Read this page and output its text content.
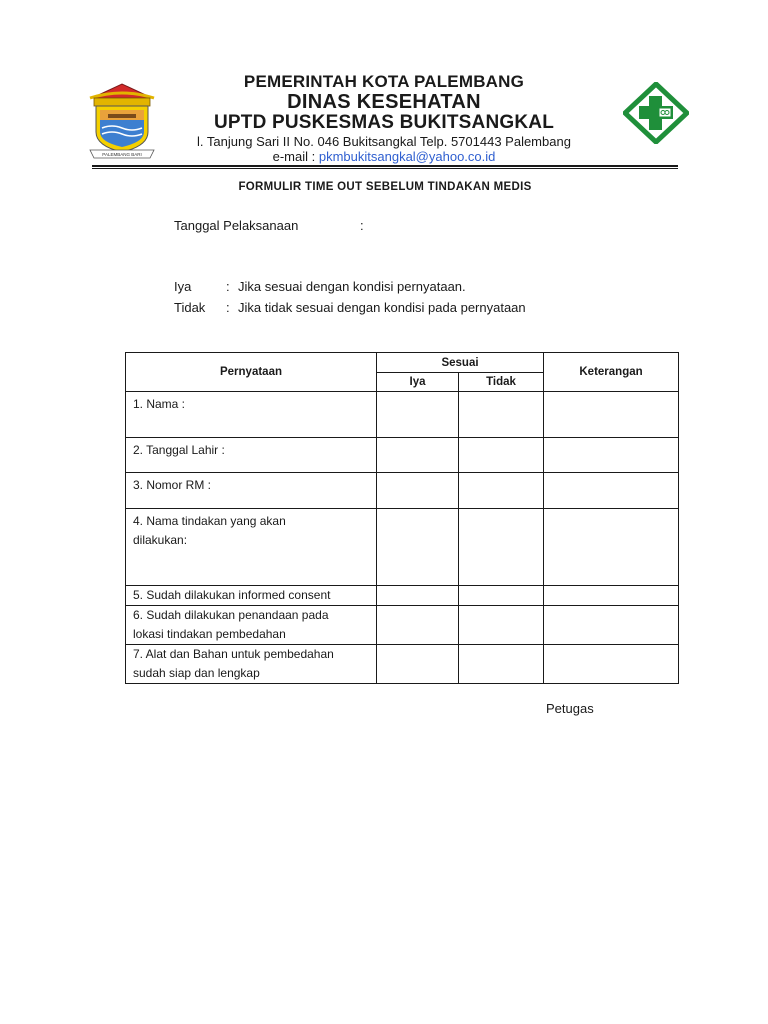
PALEMBANG BARI
PEMERINTAH KOTA PALEMBANG
DINAS KESEHATAN
UPTD PUSKESMAS BUKITSANGKAL
l. Tanjung Sari II No. 046 Bukitsangkal Telp. 5701443 Palembang
e-mail : pkmbukitsangkal@yahoo.co.id
FORMULIR TIME OUT SEBELUM TINDAKAN MEDIS
Tanggal Pelaksanaan	:
Iya	: Jika sesuai dengan kondisi pernyataan.
Tidak : Jika tidak sesuai dengan kondisi pada pernyataan
Pernyataan	Sesuai		Keterangan
	Iya	Tidak	

1. Nama :			

2. Tanggal Lahir :			

3. Nomor RM :			

4. Nama tindakan yang akan
dilakukan:			

5. Sudah dilakukan informed consent			

6. Sudah dilakukan penandaan pada
lokasi tindakan pembedahan			

7. Alat dan Bahan untuk pembedahan
sudah siap dan lengkap			

Petugas
